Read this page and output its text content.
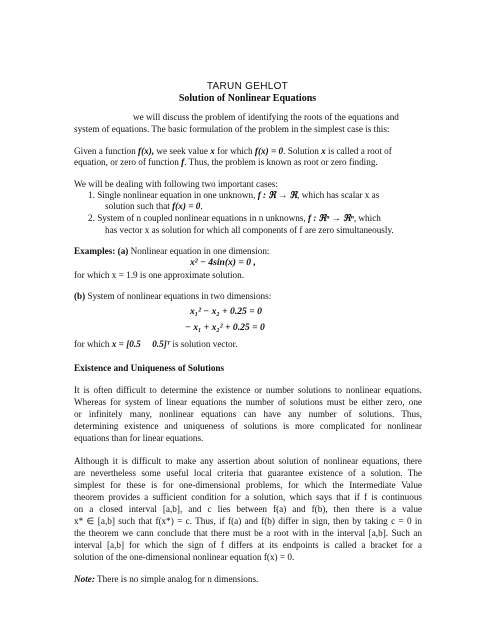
TARUN GEHLOT
Solution of Nonlinear Equations
we will discuss the problem of identifying the roots of the equations and
system of equations. The basic formulation of the problem in the simplest case is this:
Given a function f(x), we seek value x for which f(x) = 0. Solution x is called a root of
equation, or zero of function f. Thus, the problem is known as root or zero finding.
We will be dealing with following two important cases:
1. Single nonlinear equation in one unknown, f : ℜ → ℜ, which has scalar x as
solution such that f(x) = 0.
2. System of n coupled nonlinear equations in n unknowns, f : ℜⁿ → ℜⁿ, which
has vector x as solution for which all components of f are zero simultaneously.
Examples: (a) Nonlinear equation in one dimension:
x² − 4sin(x) = 0 ,
for which x = 1.9 is one approximate solution.
(b) System of nonlinear equations in two dimensions:
x₁² − x₂ + 0.25 = 0
− x₁ + x₂² + 0.25 = 0
for which x = [0.5     0.5]ᵀ is solution vector.
Existence and Uniqueness of Solutions
It is often difficult to determine the existence or number solutions to nonlinear equations.
Whereas for system of linear equations the number of solutions must be either zero, one
or infinitely many, nonlinear equations can have any number of solutions. Thus,
determining existence and uniqueness of solutions is more complicated for nonlinear
equations than for linear equations.
Although it is difficult to make any assertion about solution of nonlinear equations, there
are nevertheless some useful local criteria that guarantee existence of a solution. The
simplest for these is for one-dimensional problems, for which the Intermediate Value
theorem provides a sufficient condition for a solution, which says that if f is continuous
on a closed interval [a,b], and c lies between f(a) and f(b), then there is a value
x* ∈ [a,b] such that f(x*) = c. Thus, if f(a) and f(b) differ in sign, then by taking c = 0 in
the theorem we cann conclude that there must be a root with in the interval [a,b]. Such an
interval [a,b] for which the sign of f differs at its endpoints is called a bracket for a
solution of the one-dimensional nonlinear equation f(x) = 0.
Note: There is no simple analog for n dimensions.
